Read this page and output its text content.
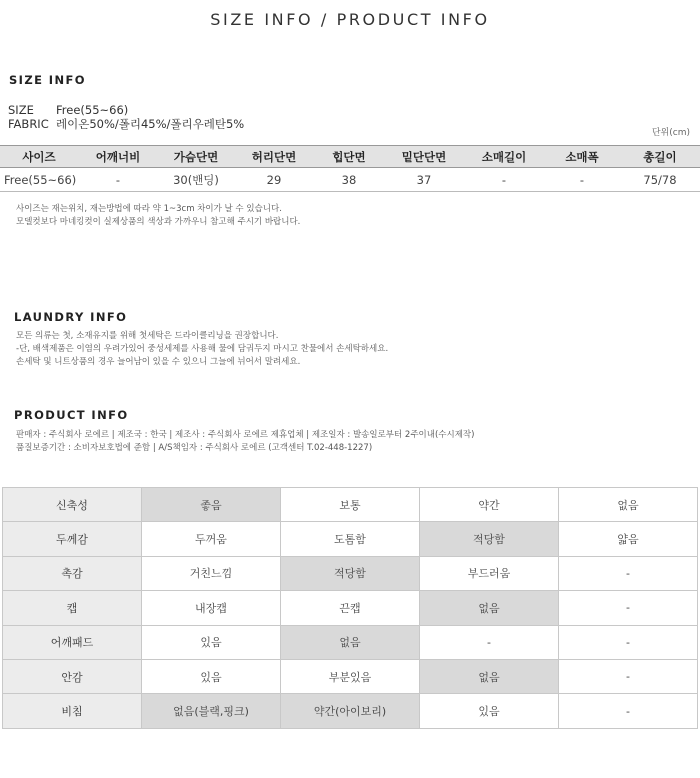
SIZE INFO / PRODUCT INFO
SIZE INFO
SIZE Free(55~66)
FABRIC 레이온50%/폴리45%/폴리우레탄5%
단위(cm)
사이즈	어깨너비	가슴단면	허리단면	힙단면	밑단단면	소매길이	소매폭	총길이
Free(55~66)	-	30(밴딩)	29	38	37	-	-	75/78
사이즈는 재는위치, 재는방법에 따라 약 1~3cm 차이가 날 수 있습니다.
모델컷보다 마네킹컷이 실제상품의 색상과 가까우니 참고해 주시기 바랍니다.
LAUNDRY INFO
모든 의류는 첫, 소재유지를 위해 첫세탁은 드라이클리닝을 권장합니다.
-단, 배색제품은 이염의 우려가있어 중성세제를 사용해 물에 담궈두지 마시고 찬물에서 손세탁하세요.
손세탁 및 니트상품의 경우 늘어남이 있을 수 있으니 그늘에 뉘어서 말려세요.
PRODUCT INFO
판매자 : 주식회사 로에르 | 제조국 : 한국 | 제조사 : 주식회사 로에르 제휴업체 | 제조일자 : 발송일로부터 2주이내(수시제작)
품질보증기간 : 소비자보호법에 준함 | A/S책임자 : 주식회사 로에르 (고객센터 T.02-448-1227)
신축성	좋음	보통	약간	없음
두께감	두꺼움	도톰함	적당함	얇음
촉감	거친느낌	적당함	부드러움	-
캡	내장캡	끈캡	없음	-
어깨패드	있음	없음	-	-
안감	있음	부분있음	없음	-
비침	없음(블랙,핑크)	약간(아이보리)	있음	-
